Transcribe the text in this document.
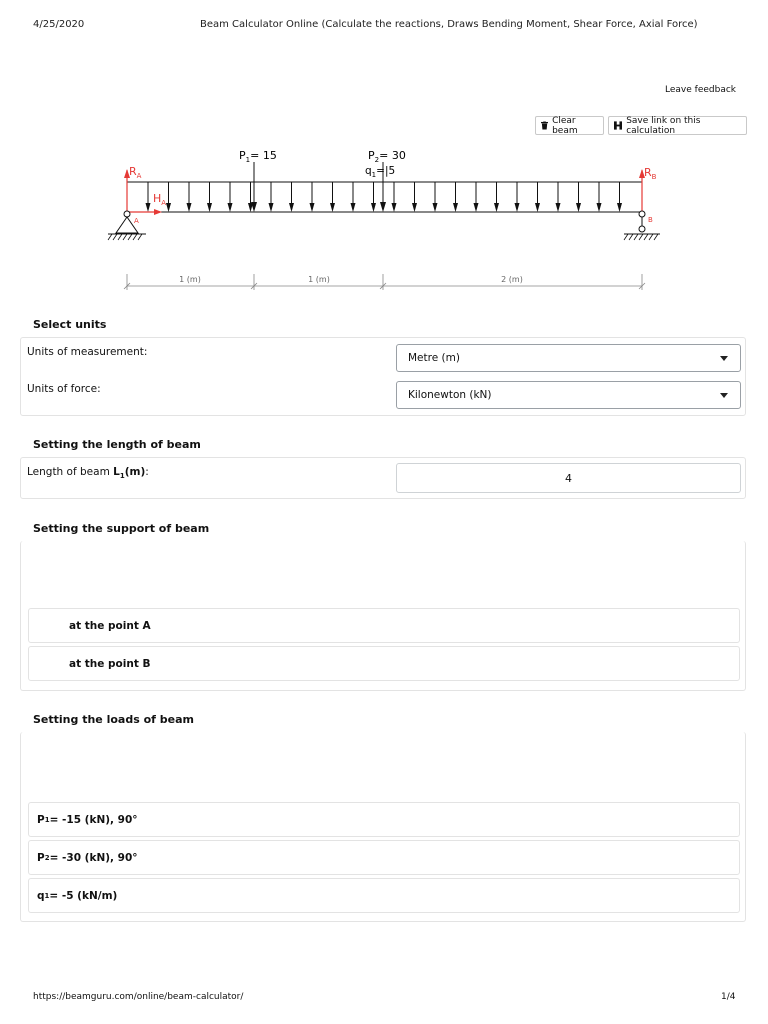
4/25/2020	Beam Calculator Online (Calculate the reactions, Draws Bending Moment, Shear Force, Axial Force)
Leave feedback
Clear beam
Save link on this calculation
$P_1= 15$	$P_2= 30$
$q_1=|5$
$R_A$
$H_A$
$R_B$
A	B
1 (m)	1 (m)	2 (m)
Select units
Units of measurement:	Metre (m)
Units of force:	Kilonewton (kN)
Setting the length of beam
Length of beam $L_1(m)$:	4
Setting the support of beam
at the point A
at the point B
Setting the loads of beam
P 1 = -15 (kN), 90°
P 2 = -30 (kN), 90°
q 1 = -5 (kN/m)
https://beamguru.com/online/beam-calculator/	1/4
